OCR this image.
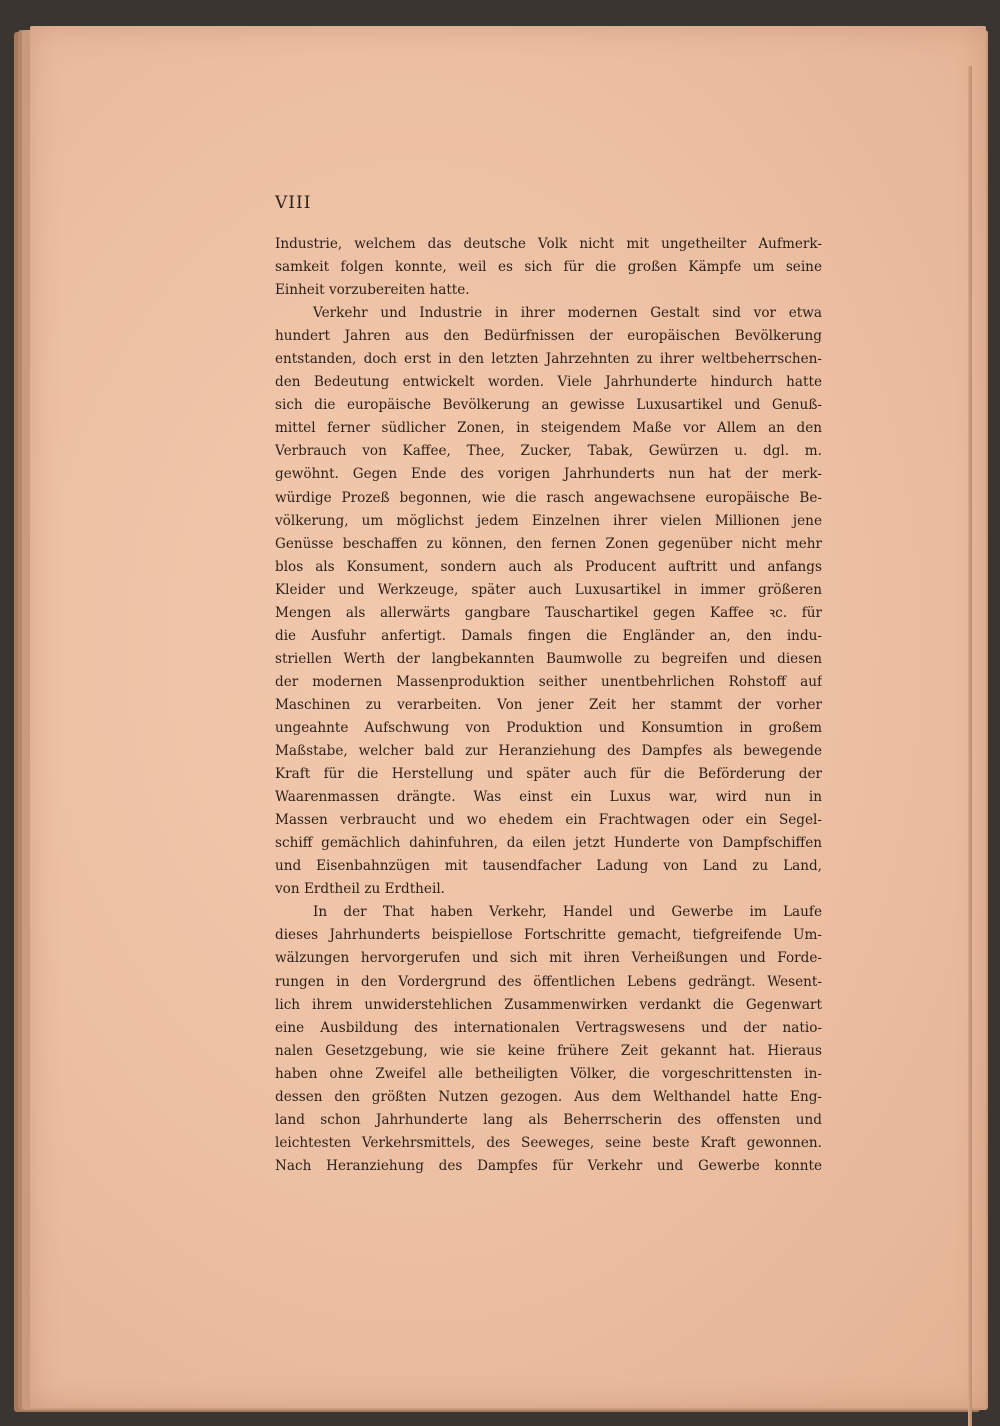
VIII
Industrie, welchem das deutsche Volk nicht mit ungetheilter Aufmerk-
samkeit folgen konnte, weil es sich für die großen Kämpfe um seine
Einheit vorzubereiten hatte.
Verkehr und Industrie in ihrer modernen Gestalt sind vor etwa
hundert Jahren aus den Bedürfnissen der europäischen Bevölkerung
entstanden, doch erst in den letzten Jahrzehnten zu ihrer weltbeherrschen-
den Bedeutung entwickelt worden. Viele Jahrhunderte hindurch hatte
sich die europäische Bevölkerung an gewisse Luxusartikel und Genuß-
mittel ferner südlicher Zonen, in steigendem Maße vor Allem an den
Verbrauch von Kaffee, Thee, Zucker, Tabak, Gewürzen u. dgl. m.
gewöhnt. Gegen Ende des vorigen Jahrhunderts nun hat der merk-
würdige Prozeß begonnen, wie die rasch angewachsene europäische Be-
völkerung, um möglichst jedem Einzelnen ihrer vielen Millionen jene
Genüsse beschaffen zu können, den fernen Zonen gegenüber nicht mehr
blos als Konsument, sondern auch als Producent auftritt und anfangs
Kleider und Werkzeuge, später auch Luxusartikel in immer größeren
Mengen als allerwärts gangbare Tauschartikel gegen Kaffee ꝛc. für
die Ausfuhr anfertigt. Damals fingen die Engländer an, den indu-
striellen Werth der langbekannten Baumwolle zu begreifen und diesen
der modernen Massenproduktion seither unentbehrlichen Rohstoff auf
Maschinen zu verarbeiten. Von jener Zeit her stammt der vorher
ungeahnte Aufschwung von Produktion und Konsumtion in großem
Maßstabe, welcher bald zur Heranziehung des Dampfes als bewegende
Kraft für die Herstellung und später auch für die Beförderung der
Waarenmassen drängte. Was einst ein Luxus war, wird nun in
Massen verbraucht und wo ehedem ein Frachtwagen oder ein Segel-
schiff gemächlich dahinfuhren, da eilen jetzt Hunderte von Dampfschiffen
und Eisenbahnzügen mit tausendfacher Ladung von Land zu Land,
von Erdtheil zu Erdtheil.
In der That haben Verkehr, Handel und Gewerbe im Laufe
dieses Jahrhunderts beispiellose Fortschritte gemacht, tiefgreifende Um-
wälzungen hervorgerufen und sich mit ihren Verheißungen und Forde-
rungen in den Vordergrund des öffentlichen Lebens gedrängt. Wesent-
lich ihrem unwiderstehlichen Zusammenwirken verdankt die Gegenwart
eine Ausbildung des internationalen Vertragswesens und der natio-
nalen Gesetzgebung, wie sie keine frühere Zeit gekannt hat. Hieraus
haben ohne Zweifel alle betheiligten Völker, die vorgeschrittensten in-
dessen den größten Nutzen gezogen. Aus dem Welthandel hatte Eng-
land schon Jahrhunderte lang als Beherrscherin des offensten und
leichtesten Verkehrsmittels, des Seeweges, seine beste Kraft gewonnen.
Nach Heranziehung des Dampfes für Verkehr und Gewerbe konnte
